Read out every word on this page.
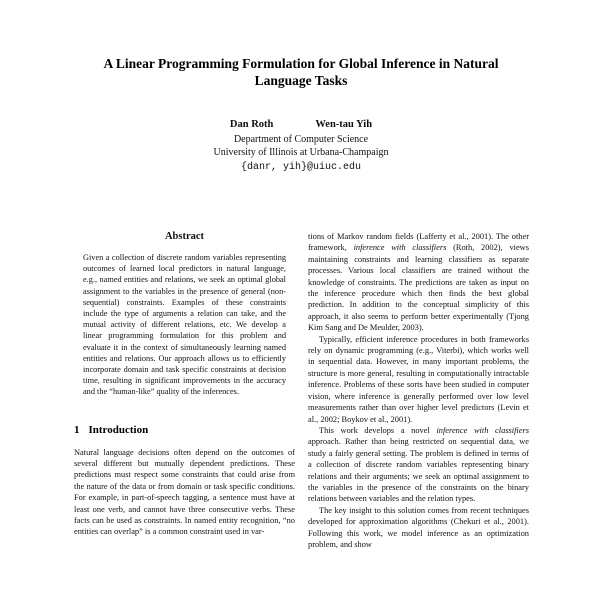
A Linear Programming Formulation for Global Inference in Natural Language Tasks
Dan Roth	Wen-tau Yih
Department of Computer Science
University of Illinois at Urbana-Champaign
{danr, yih}@uiuc.edu
Abstract

Given a collection of discrete random variables representing outcomes of learned local predictors in natural language, e.g., named entities and relations, we seek an optimal global assignment to the variables in the presence of general (non-sequential) constraints. Examples of these constraints include the type of arguments a relation can take, and the mutual activity of different relations, etc. We develop a linear programming formulation for this problem and evaluate it in the context of simultaneously learning named entities and relations. Our approach allows us to efficiently incorporate domain and task specific constraints at decision time, resulting in significant improvements in the accuracy and the “human-like” quality of the inferences.

1 Introduction

Natural language decisions often depend on the outcomes of several different but mutually dependent predictions. These predictions must respect some constraints that could arise from the nature of the data or from domain or task specific conditions. For example, in part-of-speech tagging, a sentence must have at least one verb, and cannot have three consecutive verbs. These facts can be used as constraints. In named entity recognition, “no entities can overlap” is a common constraint used in var-

tions of Markov random fields (Lafferty et al., 2001). The other framework, inference with classifiers (Roth, 2002), views maintaining constraints and learning classifiers as separate processes. Various local classifiers are trained without the knowledge of constraints. The predictions are taken as input on the inference procedure which then finds the best global prediction. In addition to the conceptual simplicity of this approach, it also seems to perform better experimentally (Tjong Kim Sang and De Meulder, 2003).

Typically, efficient inference procedures in both frameworks rely on dynamic programming (e.g., Viterbi), which works well in sequential data. However, in many important problems, the structure is more general, resulting in computationally intractable inference. Problems of these sorts have been studied in computer vision, where inference is generally performed over low level measurements rather than over higher level predictors (Levin et al., 2002; Boykov et al., 2001).

This work develops a novel inference with classifiers approach. Rather than being restricted on sequential data, we study a fairly general setting. The problem is defined in terms of a collection of discrete random variables representing binary relations and their arguments; we seek an optimal assignment to the variables in the presence of the constraints on the binary relations between variables and the relation types.

The key insight to this solution comes from recent techniques developed for approximation algorithms (Chekuri et al., 2001). Following this work, we model inference as an optimization problem, and show
